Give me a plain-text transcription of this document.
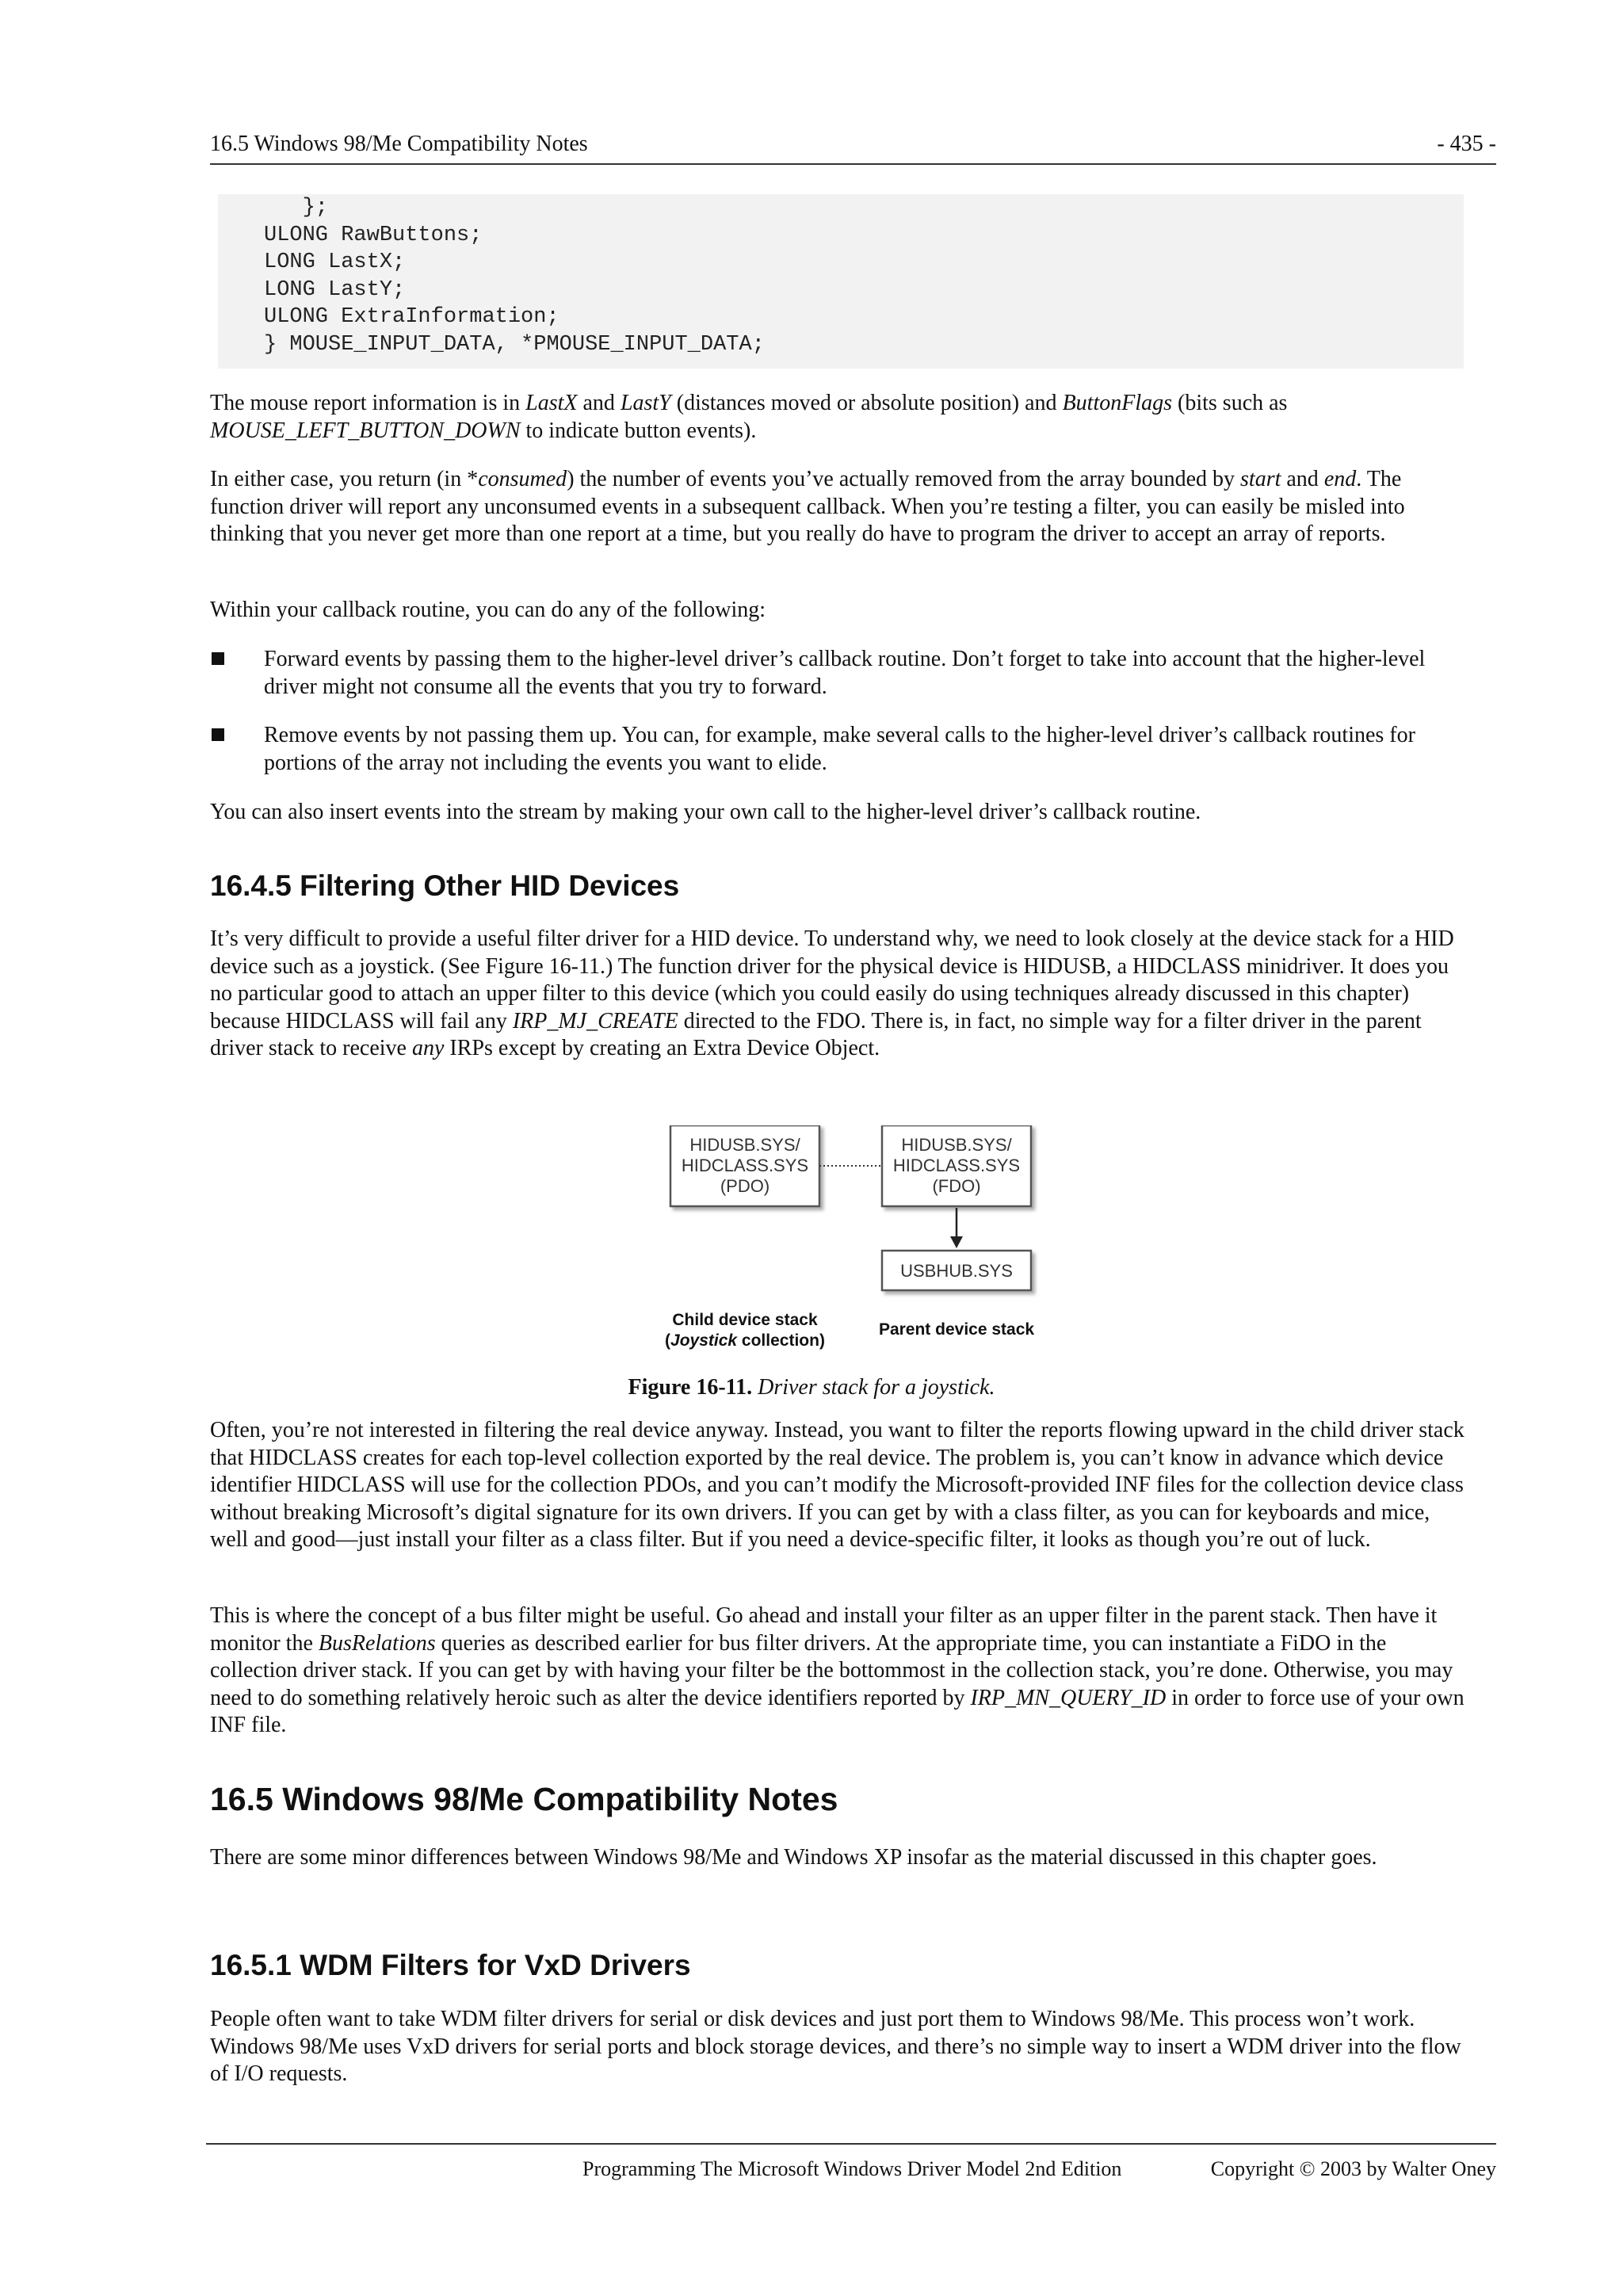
16.5 Windows 98/Me Compatibility Notes	- 435 -
};
ULONG RawButtons;
LONG LastX;
LONG LastY;
ULONG ExtraInformation;
} MOUSE_INPUT_DATA, *PMOUSE_INPUT_DATA;

The mouse report information is in LastX and LastY (distances moved or absolute position) and ButtonFlags (bits such as MOUSE_LEFT_BUTTON_DOWN to indicate button events).

In either case, you return (in *consumed) the number of events you’ve actually removed from the array bounded by start and end. The function driver will report any unconsumed events in a subsequent callback. When you’re testing a filter, you can easily be misled into thinking that you never get more than one report at a time, but you really do have to program the driver to accept an array of reports.

Within your callback routine, you can do any of the following:

Forward events by passing them to the higher-level driver’s callback routine. Don’t forget to take into account that the higher-level driver might not consume all the events that you try to forward.
Remove events by not passing them up. You can, for example, make several calls to the higher-level driver’s callback routines for portions of the array not including the events you want to elide.

You can also insert events into the stream by making your own call to the higher-level driver’s callback routine.

16.4.5 Filtering Other HID Devices

It’s very difficult to provide a useful filter driver for a HID device. To understand why, we need to look closely at the device stack for a HID device such as a joystick. (See Figure 16-11.) The function driver for the physical device is HIDUSB, a HIDCLASS minidriver. It does you no particular good to attach an upper filter to this device (which you could easily do using techniques already discussed in this chapter) because HIDCLASS will fail any IRP_MJ_CREATE directed to the FDO. There is, in fact, no simple way for a filter driver in the parent driver stack to receive any IRPs except by creating an Extra Device Object.

HIDUSB.SYS/
HIDCLASS.SYS
(PDO)
HIDUSB.SYS/
HIDCLASS.SYS
(FDO)
USBHUB.SYS
Child device stack
(Joystick collection)
Parent device stack
Figure 16-11. Driver stack for a joystick.

Often, you’re not interested in filtering the real device anyway. Instead, you want to filter the reports flowing upward in the child driver stack that HIDCLASS creates for each top-level collection exported by the real device. The problem is, you can’t know in advance which device identifier HIDCLASS will use for the collection PDOs, and you can’t modify the Microsoft-provided INF files for the collection device class without breaking Microsoft’s digital signature for its own drivers. If you can get by with a class filter, as you can for keyboards and mice, well and good—just install your filter as a class filter. But if you need a device-specific filter, it looks as though you’re out of luck.

This is where the concept of a bus filter might be useful. Go ahead and install your filter as an upper filter in the parent stack. Then have it monitor the BusRelations queries as described earlier for bus filter drivers. At the appropriate time, you can instantiate a FiDO in the collection driver stack. If you can get by with having your filter be the bottommost in the collection stack, you’re done. Otherwise, you may need to do something relatively heroic such as alter the device identifiers reported by IRP_MN_QUERY_ID in order to force use of your own INF file.

16.5 Windows 98/Me Compatibility Notes

There are some minor differences between Windows 98/Me and Windows XP insofar as the material discussed in this chapter goes.

16.5.1 WDM Filters for VxD Drivers

People often want to take WDM filter drivers for serial or disk devices and just port them to Windows 98/Me. This process won’t work. Windows 98/Me uses VxD drivers for serial ports and block storage devices, and there’s no simple way to insert a WDM driver into the flow of I/O requests.

Programming The Microsoft Windows Driver Model 2nd Edition	Copyright © 2003 by Walter Oney
